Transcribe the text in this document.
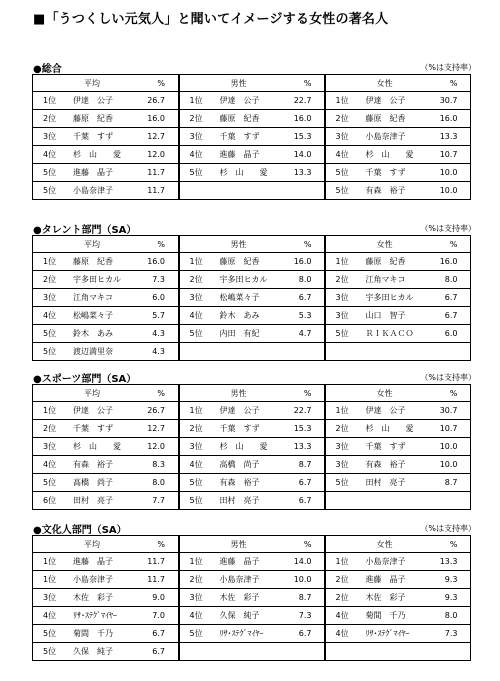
■「うつくしい元気人」と聞いてイメージする女性の著名人
●総合	（%は支持率）
平均 %	男性 %	女性 %
1位 伊達　公子 26.7	1位 伊達　公子 22.7	1位 伊達　公子 30.7
2位 藤原　紀香 16.0	2位 藤原　紀香 16.0	2位 藤原　紀香 16.0
3位 千葉　すず 12.7	3位 千葉　すず 15.3	3位 小島奈津子 13.3
4位 杉　山　　愛 12.0	4位 進藤　晶子 14.0	4位 杉　山　　愛 10.7
5位 進藤　晶子 11.7	5位 杉　山　　愛 13.3	5位 千葉　すず 10.0
5位 小島奈津子 11.7		5位 有森　裕子 10.0
●タレント部門（SA）	（%は支持率）
平均 %	男性 %	女性 %
1位 藤原　紀香 16.0	1位 藤原　紀香 16.0	1位 藤原　紀香 16.0
2位 宇多田ヒカル 7.3	2位 宇多田ヒカル 8.0	2位 江角マキコ 8.0
3位 江角マキコ 6.0	3位 松嶋菜々子 6.7	3位 宇多田ヒカル 6.7
4位 松嶋菜々子 5.7	4位 鈴木　あみ 5.3	3位 山口　智子 6.7
5位 鈴木　あみ 4.3	5位 内田　有紀 4.7	5位 ＲＩＫＡＣＯ 6.0
5位 渡辺満里奈 4.3		
●スポーツ部門（SA）	（%は支持率）
平均 %	男性 %	女性 %
1位 伊達　公子 26.7	1位 伊達　公子 22.7	1位 伊達　公子 30.7
2位 千葉　すず 12.7	2位 千葉　すず 15.3	2位 杉　山　　愛 10.7
3位 杉　山　　愛 12.0	3位 杉　山　　愛 13.3	3位 千葉　すず 10.0
4位 有森　裕子 8.3	4位 高橋　尚子 8.7	3位 有森　裕子 10.0
5位 高橋　尚子 8.0	5位 有森　裕子 6.7	5位 田村　亮子 8.7
6位 田村　亮子 7.7	5位 田村　亮子 6.7	
●文化人部門（SA）	（%は支持率）
平均 %	男性 %	女性 %
1位 進藤　晶子 11.7	1位 進藤　晶子 14.0	1位 小島奈津子 13.3
1位 小島奈津子 11.7	2位 小島奈津子 10.0	2位 進藤　晶子 9.3
3位 木佐　彩子 9.0	3位 木佐　彩子 8.7	2位 木佐　彩子 9.3
4位 ﾘｻ･ｽﾃｸﾞﾏｲﾔｰ 7.0	4位 久保　純子 7.3	4位 菊間　千乃 8.0
5位 菊間　千乃 6.7	5位 ﾘｻ･ｽﾃｸﾞﾏｲﾔｰ 6.7	4位 ﾘｻ･ｽﾃｸﾞﾏｲﾔｰ 7.3
5位 久保　純子 6.7		
